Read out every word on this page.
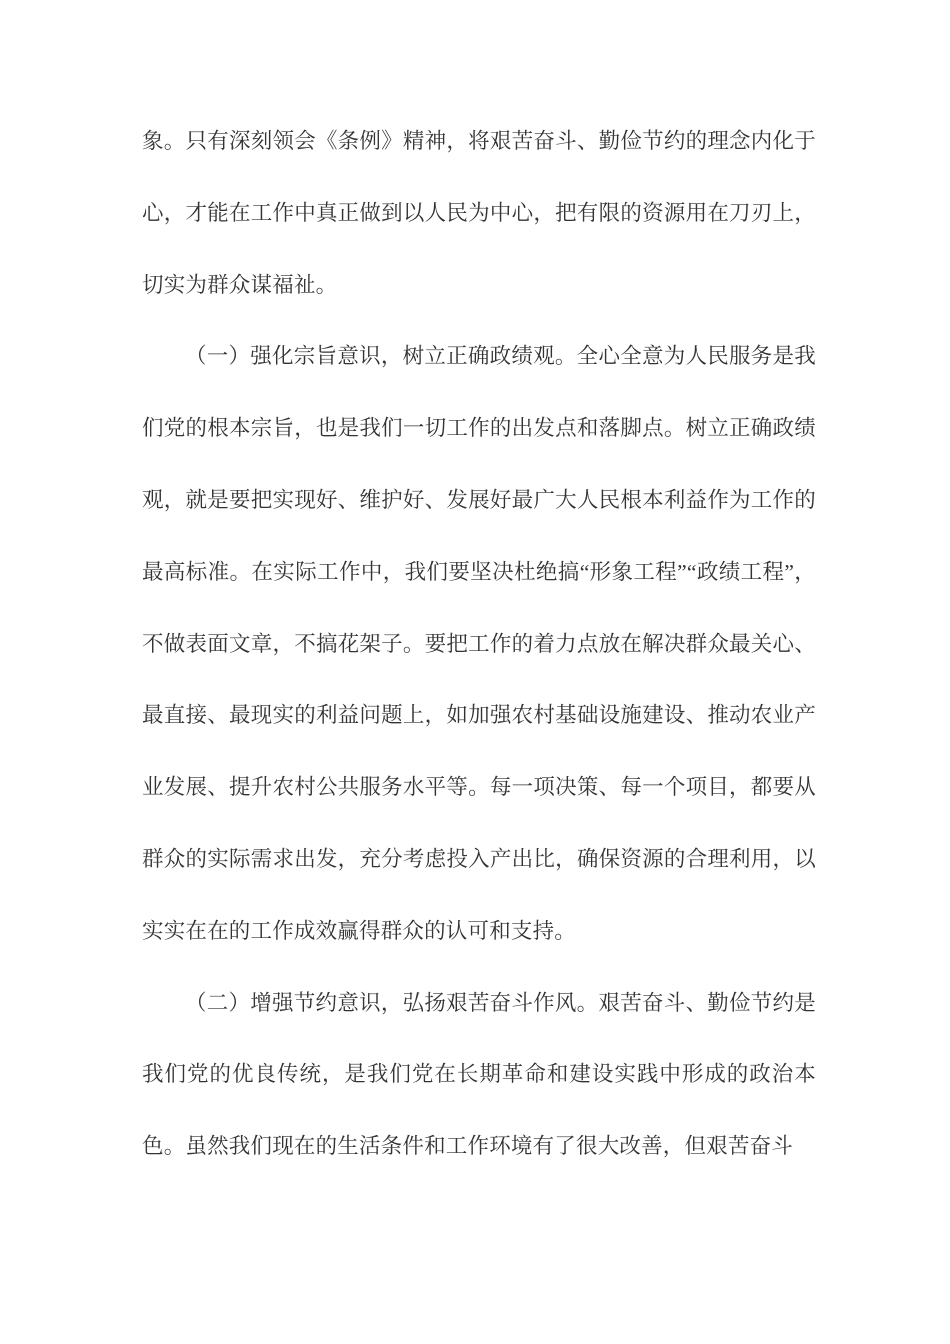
象。只有深刻领会《条例》精神，将艰苦奋斗、勤俭节约的理念内化于心，才能在工作中真正做到以人民为中心，把有限的资源用在刀刃上，切实为群众谋福祉。

（一）强化宗旨意识，树立正确政绩观。全心全意为人民服务是我们党的根本宗旨，也是我们一切工作的出发点和落脚点。树立正确政绩观，就是要把实现好、维护好、发展好最广大人民根本利益作为工作的最高标准。在实际工作中，我们要坚决杜绝搞“形象工程”“政绩工程”，不做表面文章，不搞花架子。要把工作的着力点放在解决群众最关心、最直接、最现实的利益问题上，如加强农村基础设施建设、推动农业产业发展、提升农村公共服务水平等。每一项决策、每一个项目，都要从群众的实际需求出发，充分考虑投入产出比，确保资源的合理利用，以实实在在的工作成效赢得群众的认可和支持。

（二）增强节约意识，弘扬艰苦奋斗作风。艰苦奋斗、勤俭节约是我们党的优良传统，是我们党在长期革命和建设实践中形成的政治本色。虽然我们现在的生活条件和工作环境有了很大改善，但艰苦奋斗
